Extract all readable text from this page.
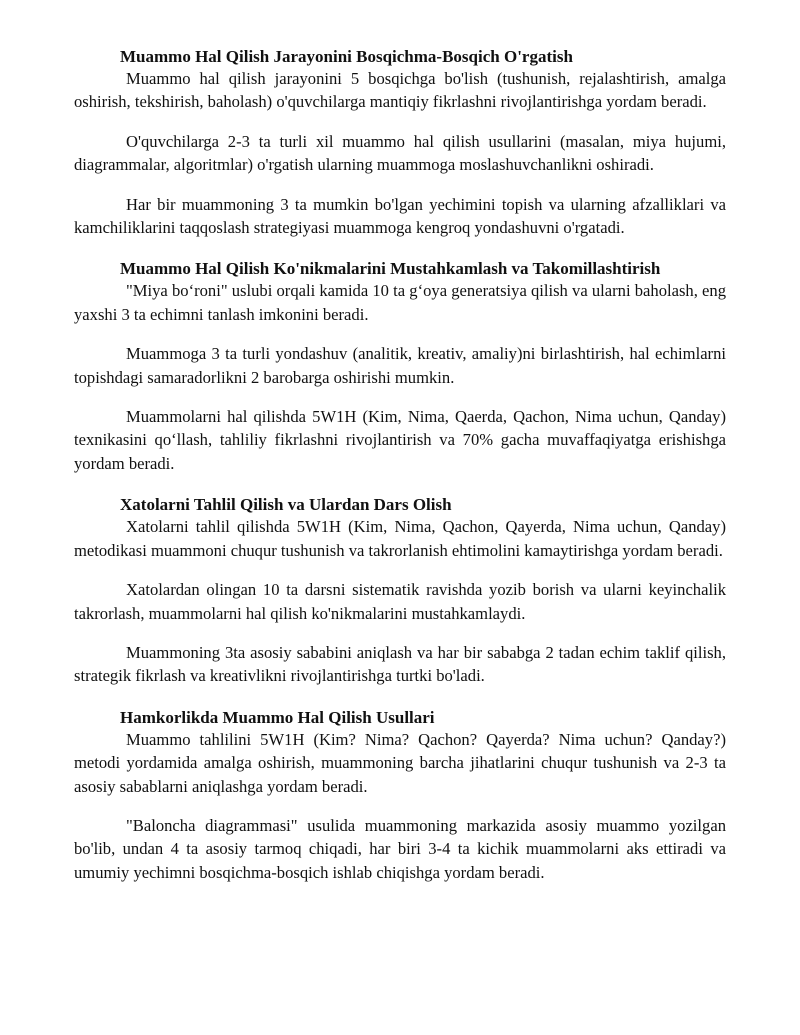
Muammo Hal Qilish Jarayonini Bosqichma-Bosqich O'rgatish

Muammo hal qilish jarayonini 5 bosqichga bo'lish (tushunish, rejalashtirish, amalga oshirish, tekshirish, baholash) o'quvchilarga mantiqiy fikrlashni rivojlantirishga yordam beradi.

O'quvchilarga 2-3 ta turli xil muammo hal qilish usullarini (masalan, miya hujumi, diagrammalar, algoritmlar) o'rgatish ularning muammoga moslashuvchanlikni oshiradi.

Har bir muammoning 3 ta mumkin bo'lgan yechimini topish va ularning afzalliklari va kamchiliklarini taqqoslash strategiyasi muammoga kengroq yondashuvni o'rgatadi.

Muammo Hal Qilish Ko'nikmalarini Mustahkamlash va Takomillashtirish

"Miya bo‘roni" uslubi orqali kamida 10 ta g‘oya generatsiya qilish va ularni baholash, eng yaxshi 3 ta echimni tanlash imkonini beradi.

Muammoga 3 ta turli yondashuv (analitik, kreativ, amaliy)ni birlashtirish, hal echimlarni topishdagi samaradorlikni 2 barobarga oshirishi mumkin.

Muammolarni hal qilishda 5W1H (Kim, Nima, Qaerda, Qachon, Nima uchun, Qanday) texnikasini qo‘llash, tahliliy fikrlashni rivojlantirish va 70% gacha muvaffaqiyatga erishishga yordam beradi.

Xatolarni Tahlil Qilish va Ulardan Dars Olish

Xatolarni tahlil qilishda 5W1H (Kim, Nima, Qachon, Qayerda, Nima uchun, Qanday) metodikasi muammoni chuqur tushunish va takrorlanish ehtimolini kamaytirishga yordam beradi.

Xatolardan olingan 10 ta darsni sistematik ravishda yozib borish va ularni keyinchalik takrorlash, muammolarni hal qilish ko'nikmalarini mustahkamlaydi.

Muammoning 3ta asosiy sababini aniqlash va har bir sababga 2 tadan echim taklif qilish, strategik fikrlash va kreativlikni rivojlantirishga turtki bo'ladi.

Hamkorlikda Muammo Hal Qilish Usullari

Muammo tahlilini 5W1H (Kim? Nima? Qachon? Qayerda? Nima uchun? Qanday?) metodi yordamida amalga oshirish, muammoning barcha jihatlarini chuqur tushunish va 2-3 ta asosiy sabablarni aniqlashga yordam beradi.

"Baloncha diagrammasi" usulida muammoning markazida asosiy muammo yozilgan bo'lib, undan 4 ta asosiy tarmoq chiqadi, har biri 3-4 ta kichik muammolarni aks ettiradi va umumiy yechimni bosqichma-bosqich ishlab chiqishga yordam beradi.
